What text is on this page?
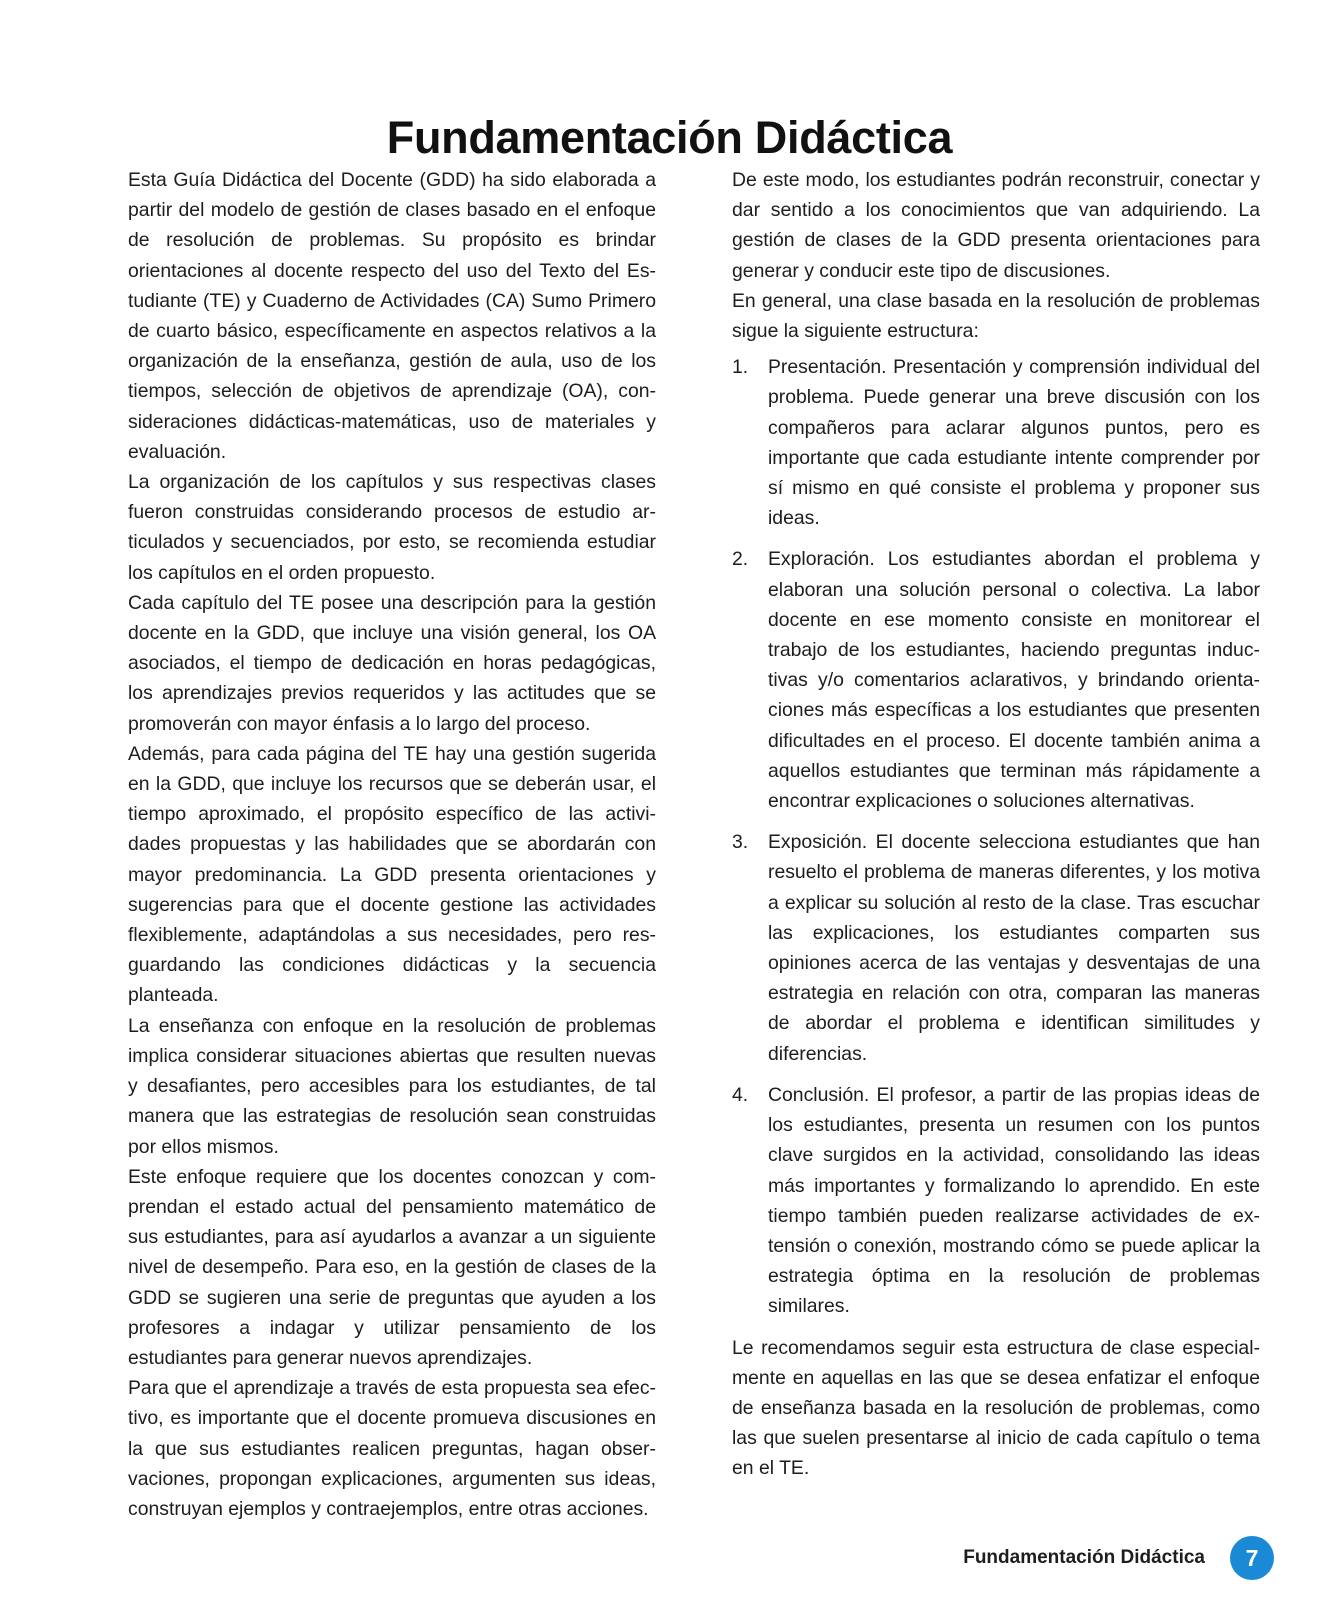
Fundamentación Didáctica

Esta Guía Didáctica del Docente (GDD) ha sido elaborada a partir del modelo de gestión de clases basado en el enfoque de resolución de problemas. Su propósito es brindar orientaciones al docente respecto del uso del Texto del Estudiante (TE) y Cuaderno de Actividades (CA) Sumo Primero de cuarto básico, específicamente en aspectos relativos a la organización de la enseñanza, gestión de aula, uso de los tiempos, selección de objetivos de aprendizaje (OA), consideraciones didácticas-matemáticas, uso de materiales y evaluación.

La organización de los capítulos y sus respectivas clases fueron construidas considerando procesos de estudio articulados y secuenciados, por esto, se recomienda estudiar los capítulos en el orden propuesto.

Cada capítulo del TE posee una descripción para la gestión docente en la GDD, que incluye una visión general, los OA asociados, el tiempo de dedicación en horas pedagógicas, los aprendizajes previos requeridos y las actitudes que se promoverán con mayor énfasis a lo largo del proceso.

Además, para cada página del TE hay una gestión sugerida en la GDD, que incluye los recursos que se deberán usar, el tiempo aproximado, el propósito específico de las actividades propuestas y las habilidades que se abordarán con mayor predominancia. La GDD presenta orientaciones y sugerencias para que el docente gestione las actividades flexiblemente, adaptándolas a sus necesidades, pero resguardando las condiciones didácticas y la secuencia planteada.

La enseñanza con enfoque en la resolución de problemas implica considerar situaciones abiertas que resulten nuevas y desafiantes, pero accesibles para los estudiantes, de tal manera que las estrategias de resolución sean construidas por ellos mismos.

Este enfoque requiere que los docentes conozcan y comprendan el estado actual del pensamiento matemático de sus estudiantes, para así ayudarlos a avanzar a un siguiente nivel de desempeño. Para eso, en la gestión de clases de la GDD se sugieren una serie de preguntas que ayuden a los profesores a indagar y utilizar pensamiento de los estudiantes para generar nuevos aprendizajes.

Para que el aprendizaje a través de esta propuesta sea efectivo, es importante que el docente promueva discusiones en la que sus estudiantes realicen preguntas, hagan observaciones, propongan explicaciones, argumenten sus ideas, construyan ejemplos y contraejemplos, entre otras acciones.

De este modo, los estudiantes podrán reconstruir, conectar y dar sentido a los conocimientos que van adquiriendo. La gestión de clases de la GDD presenta orientaciones para generar y conducir este tipo de discusiones.

En general, una clase basada en la resolución de problemas sigue la siguiente estructura:

1. Presentación. Presentación y comprensión individual del problema. Puede generar una breve discusión con los compañeros para aclarar algunos puntos, pero es importante que cada estudiante intente comprender por sí mismo en qué consiste el problema y proponer sus ideas.
2. Exploración. Los estudiantes abordan el problema y elaboran una solución personal o colectiva. La labor docente en ese momento consiste en monitorear el trabajo de los estudiantes, haciendo preguntas inductivas y/o comentarios aclarativos, y brindando orientaciones más específicas a los estudiantes que presenten dificultades en el proceso. El docente también anima a aquellos estudiantes que terminan más rápidamente a encontrar explicaciones o soluciones alternativas.
3. Exposición. El docente selecciona estudiantes que han resuelto el problema de maneras diferentes, y los motiva a explicar su solución al resto de la clase. Tras escuchar las explicaciones, los estudiantes comparten sus opiniones acerca de las ventajas y desventajas de una estrategia en relación con otra, comparan las maneras de abordar el problema e identifican similitudes y diferencias.
4. Conclusión. El profesor, a partir de las propias ideas de los estudiantes, presenta un resumen con los puntos clave surgidos en la actividad, consolidando las ideas más importantes y formalizando lo aprendido. En este tiempo también pueden realizarse actividades de extensión o conexión, mostrando cómo se puede aplicar la estrategia óptima en la resolución de problemas similares.

Le recomendamos seguir esta estructura de clase especialmente en aquellas en las que se desea enfatizar el enfoque de enseñanza basada en la resolución de problemas, como las que suelen presentarse al inicio de cada capítulo o tema en el TE.

Fundamentación Didáctica	7
